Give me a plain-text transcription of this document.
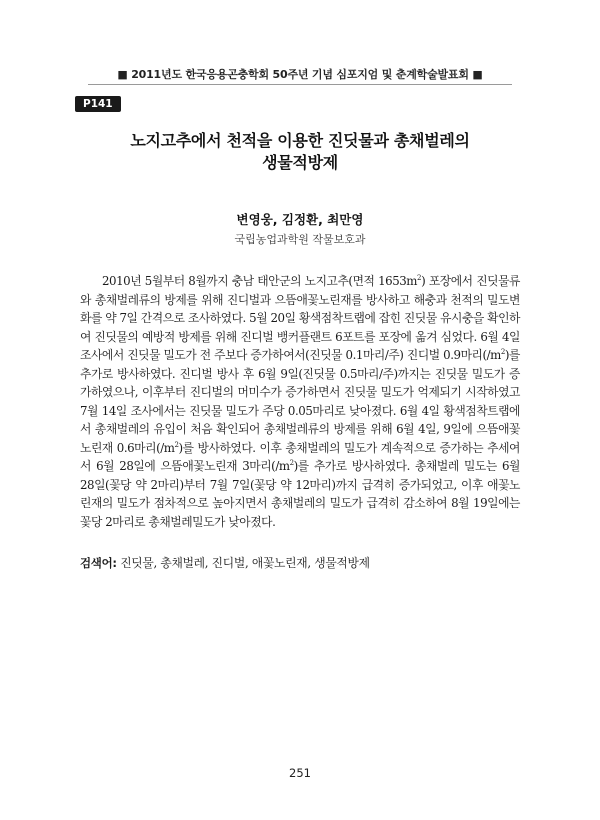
■ 2011년도 한국응용곤충학회 50주년 기념 심포지엄 및 춘계학술발표회 ■
P141
노지고추에서 천적을 이용한 진딧물과 총채벌레의
생물적방제
변영웅, 김정환, 최만영
국립농업과학원 작물보호과

2010년 5월부터 8월까지 충남 태안군의 노지고추(면적 $1653m^2$) 포장에서 진딧물류와 총채벌레류의 방제를 위해 진디벌과 으뜸애꽃노린재를 방사하고 해충과 천적의 밀도변화를 약 7일 간격으로 조사하였다. 5월 20일 황색점착트랩에 잡힌 진딧물 유시충을 확인하여 진딧물의 예방적 방제를 위해 진디벌 뱅커플랜트 6포트를 포장에 옮겨 심었다. 6월 4일 조사에서 진딧물 밀도가 전 주보다 증가하여서(진딧물 0.1마리/주) 진디벌 0.9마리$(/m^2)$를 추가로 방사하였다. 진디벌 방사 후 6월 9일(진딧물 0.5마리/주)까지는 진딧물 밀도가 증가하였으나, 이후부터 진디벌의 머미수가 증가하면서 진딧물 밀도가 억제되기 시작하였고 7월 14일 조사에서는 진딧물 밀도가 주당 0.05마리로 낮아졌다. 6월 4일 황색점착트랩에서 총채벌레의 유입이 처음 확인되어 총채벌레류의 방제를 위해 6월 4일, 9일에 으뜸애꽃노린재 0.6마리$(/m^2)$를 방사하였다. 이후 총채벌레의 밀도가 계속적으로 증가하는 추세여서 6월 28일에 으뜸애꽃노린재 3마리$(/m^2)$를 추가로 방사하였다. 총채벌레 밀도는 6월 28일(꽃당 약 2마리)부터 7월 7일(꽃당 약 12마리)까지 급격히 증가되었고, 이후 애꽃노린재의 밀도가 점차적으로 높아지면서 총채벌레의 밀도가 급격히 감소하여 8월 19일에는 꽃당 2마리로 총채벌레밀도가 낮아졌다.

검색어: 진딧물, 총채벌레, 진디벌, 애꽃노린재, 생물적방제
251
